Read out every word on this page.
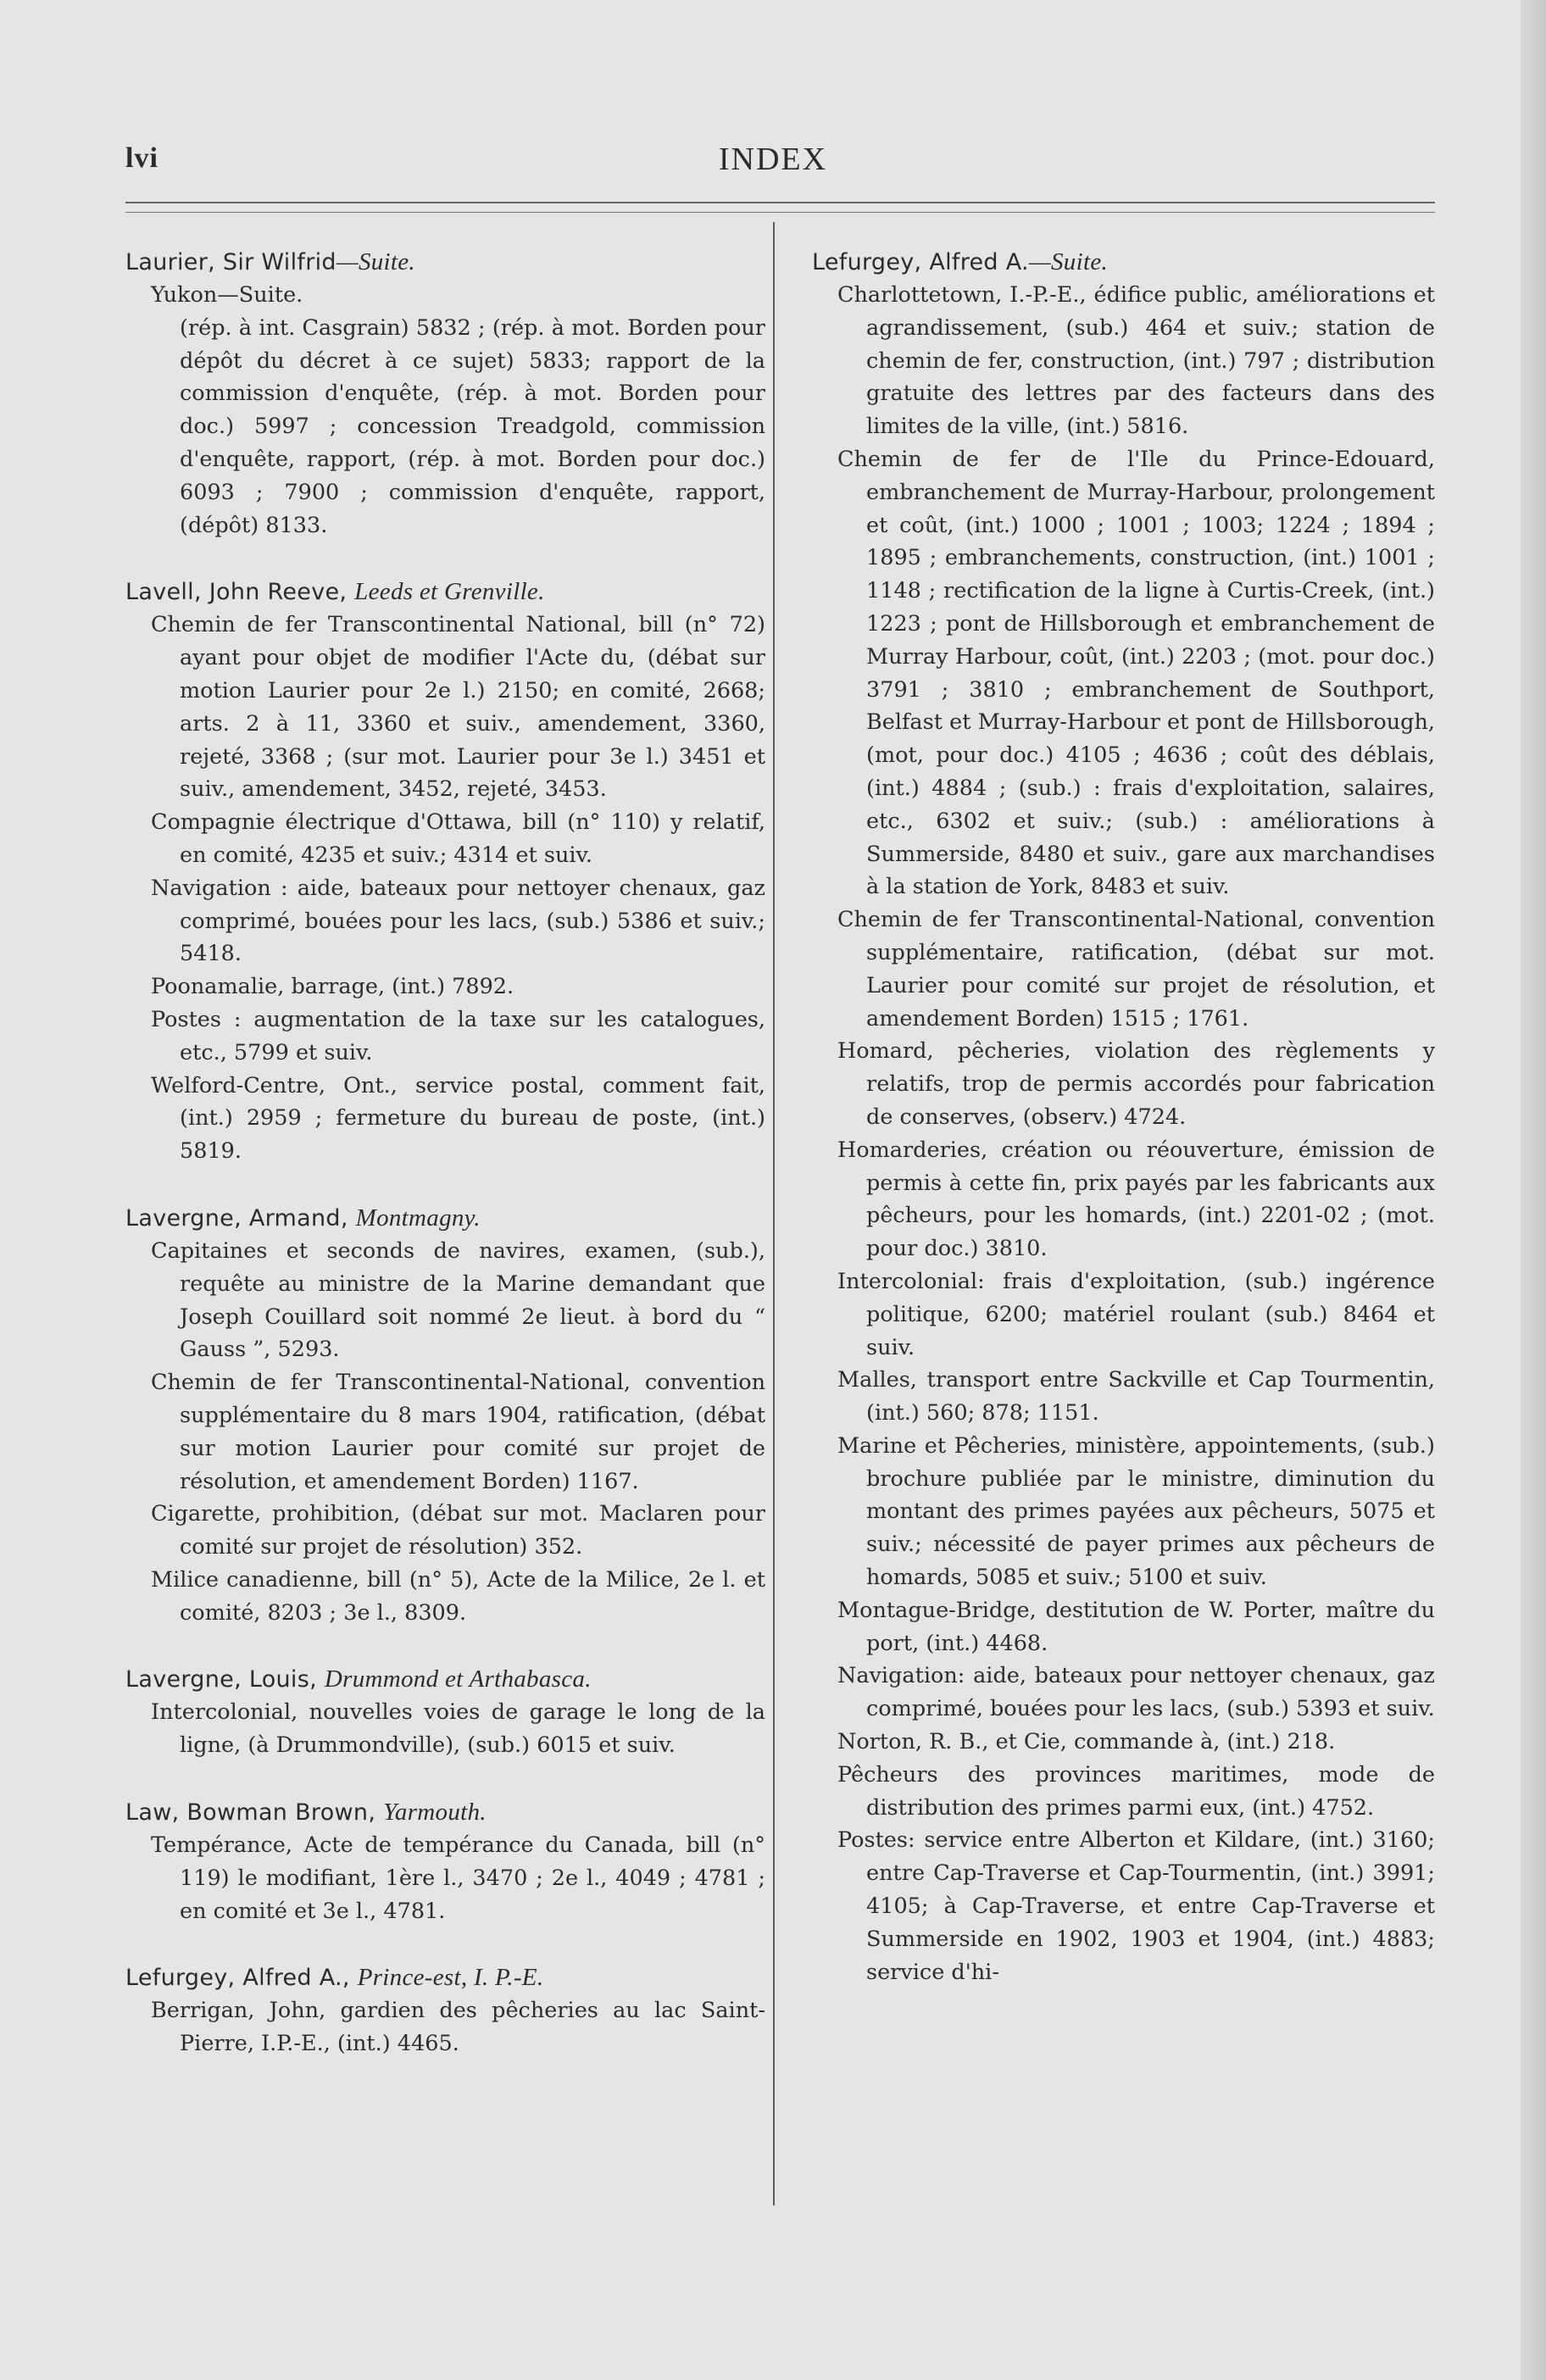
lvi	INDEX

Laurier, Sir Wilfrid—Suite.

Yukon—Suite.

(rép. à int. Casgrain) 5832 ; (rép. à mot. Borden pour dépôt du décret à ce sujet) 5833; rapport de la commission d'enquête, (rép. à mot. Borden pour doc.) 5997 ; concession Treadgold, commission d'enquête, rapport, (rép. à mot. Borden pour doc.) 6093 ; 7900 ; commission d'enquête, rapport, (dépôt) 8133.

Lavell, John Reeve, Leeds et Grenville.

Chemin de fer Transcontinental National, bill (n° 72) ayant pour objet de modifier l'Acte du, (débat sur motion Laurier pour 2e l.) 2150; en comité, 2668; arts. 2 à 11, 3360 et suiv., amendement, 3360, rejeté, 3368 ; (sur mot. Laurier pour 3e l.) 3451 et suiv., amendement, 3452, rejeté, 3453.

Compagnie électrique d'Ottawa, bill (n° 110) y relatif, en comité, 4235 et suiv.; 4314 et suiv.

Navigation : aide, bateaux pour nettoyer chenaux, gaz comprimé, bouées pour les lacs, (sub.) 5386 et suiv.; 5418.

Poonamalie, barrage, (int.) 7892.

Postes : augmentation de la taxe sur les catalogues, etc., 5799 et suiv.

Welford-Centre, Ont., service postal, comment fait, (int.) 2959 ; fermeture du bureau de poste, (int.) 5819.

Lavergne, Armand, Montmagny.

Capitaines et seconds de navires, examen, (sub.), requête au ministre de la Marine demandant que Joseph Couillard soit nommé 2e lieut. à bord du “ Gauss ”, 5293.

Chemin de fer Transcontinental-National, convention supplémentaire du 8 mars 1904, ratification, (débat sur motion Laurier pour comité sur projet de résolution, et amendement Borden) 1167.

Cigarette, prohibition, (débat sur mot. Maclaren pour comité sur projet de résolution) 352.

Milice canadienne, bill (n° 5), Acte de la Milice, 2e l. et comité, 8203 ; 3e l., 8309.

Lavergne, Louis, Drummond et Arthabasca.

Intercolonial, nouvelles voies de garage le long de la ligne, (à Drummondville), (sub.) 6015 et suiv.

Law, Bowman Brown, Yarmouth.

Tempérance, Acte de tempérance du Canada, bill (n° 119) le modifiant, 1ère l., 3470 ; 2e l., 4049 ; 4781 ; en comité et 3e l., 4781.

Lefurgey, Alfred A., Prince-est, I. P.-E.

Berrigan, John, gardien des pêcheries au lac Saint-Pierre, I.P.-E., (int.) 4465.

Lefurgey, Alfred A.—Suite.

Charlottetown, I.-P.-E., édifice public, améliorations et agrandissement, (sub.) 464 et suiv.; station de chemin de fer, construction, (int.) 797 ; distribution gratuite des lettres par des facteurs dans des limites de la ville, (int.) 5816.

Chemin de fer de l'Ile du Prince-Edouard, embranchement de Murray-Harbour, prolongement et coût, (int.) 1000 ; 1001 ; 1003; 1224 ; 1894 ; 1895 ; embranchements, construction, (int.) 1001 ; 1148 ; rectification de la ligne à Curtis-Creek, (int.) 1223 ; pont de Hillsborough et embranchement de Murray Harbour, coût, (int.) 2203 ; (mot. pour doc.) 3791 ; 3810 ; embranchement de Southport, Belfast et Murray-Harbour et pont de Hillsborough, (mot, pour doc.) 4105 ; 4636 ; coût des déblais, (int.) 4884 ; (sub.) : frais d'exploitation, salaires, etc., 6302 et suiv.; (sub.) : améliorations à Summerside, 8480 et suiv., gare aux marchandises à la station de York, 8483 et suiv.

Chemin de fer Transcontinental-National, convention supplémentaire, ratification, (débat sur mot. Laurier pour comité sur projet de résolution, et amendement Borden) 1515 ; 1761.

Homard, pêcheries, violation des règlements y relatifs, trop de permis accordés pour fabrication de conserves, (observ.) 4724.

Homarderies, création ou réouverture, émission de permis à cette fin, prix payés par les fabricants aux pêcheurs, pour les homards, (int.) 2201-02 ; (mot. pour doc.) 3810.

Intercolonial: frais d'exploitation, (sub.) ingérence politique, 6200; matériel roulant (sub.) 8464 et suiv.

Malles, transport entre Sackville et Cap Tourmentin, (int.) 560; 878; 1151.

Marine et Pêcheries, ministère, appointements, (sub.) brochure publiée par le ministre, diminution du montant des primes payées aux pêcheurs, 5075 et suiv.; nécessité de payer primes aux pêcheurs de homards, 5085 et suiv.; 5100 et suiv.

Montague-Bridge, destitution de W. Porter, maître du port, (int.) 4468.

Navigation: aide, bateaux pour nettoyer chenaux, gaz comprimé, bouées pour les lacs, (sub.) 5393 et suiv.

Norton, R. B., et Cie, commande à, (int.) 218.

Pêcheurs des provinces maritimes, mode de distribution des primes parmi eux, (int.) 4752.

Postes: service entre Alberton et Kildare, (int.) 3160; entre Cap-Traverse et Cap-Tourmentin, (int.) 3991; 4105; à Cap-Traverse, et entre Cap-Traverse et Summerside en 1902, 1903 et 1904, (int.) 4883; service d'hi-
